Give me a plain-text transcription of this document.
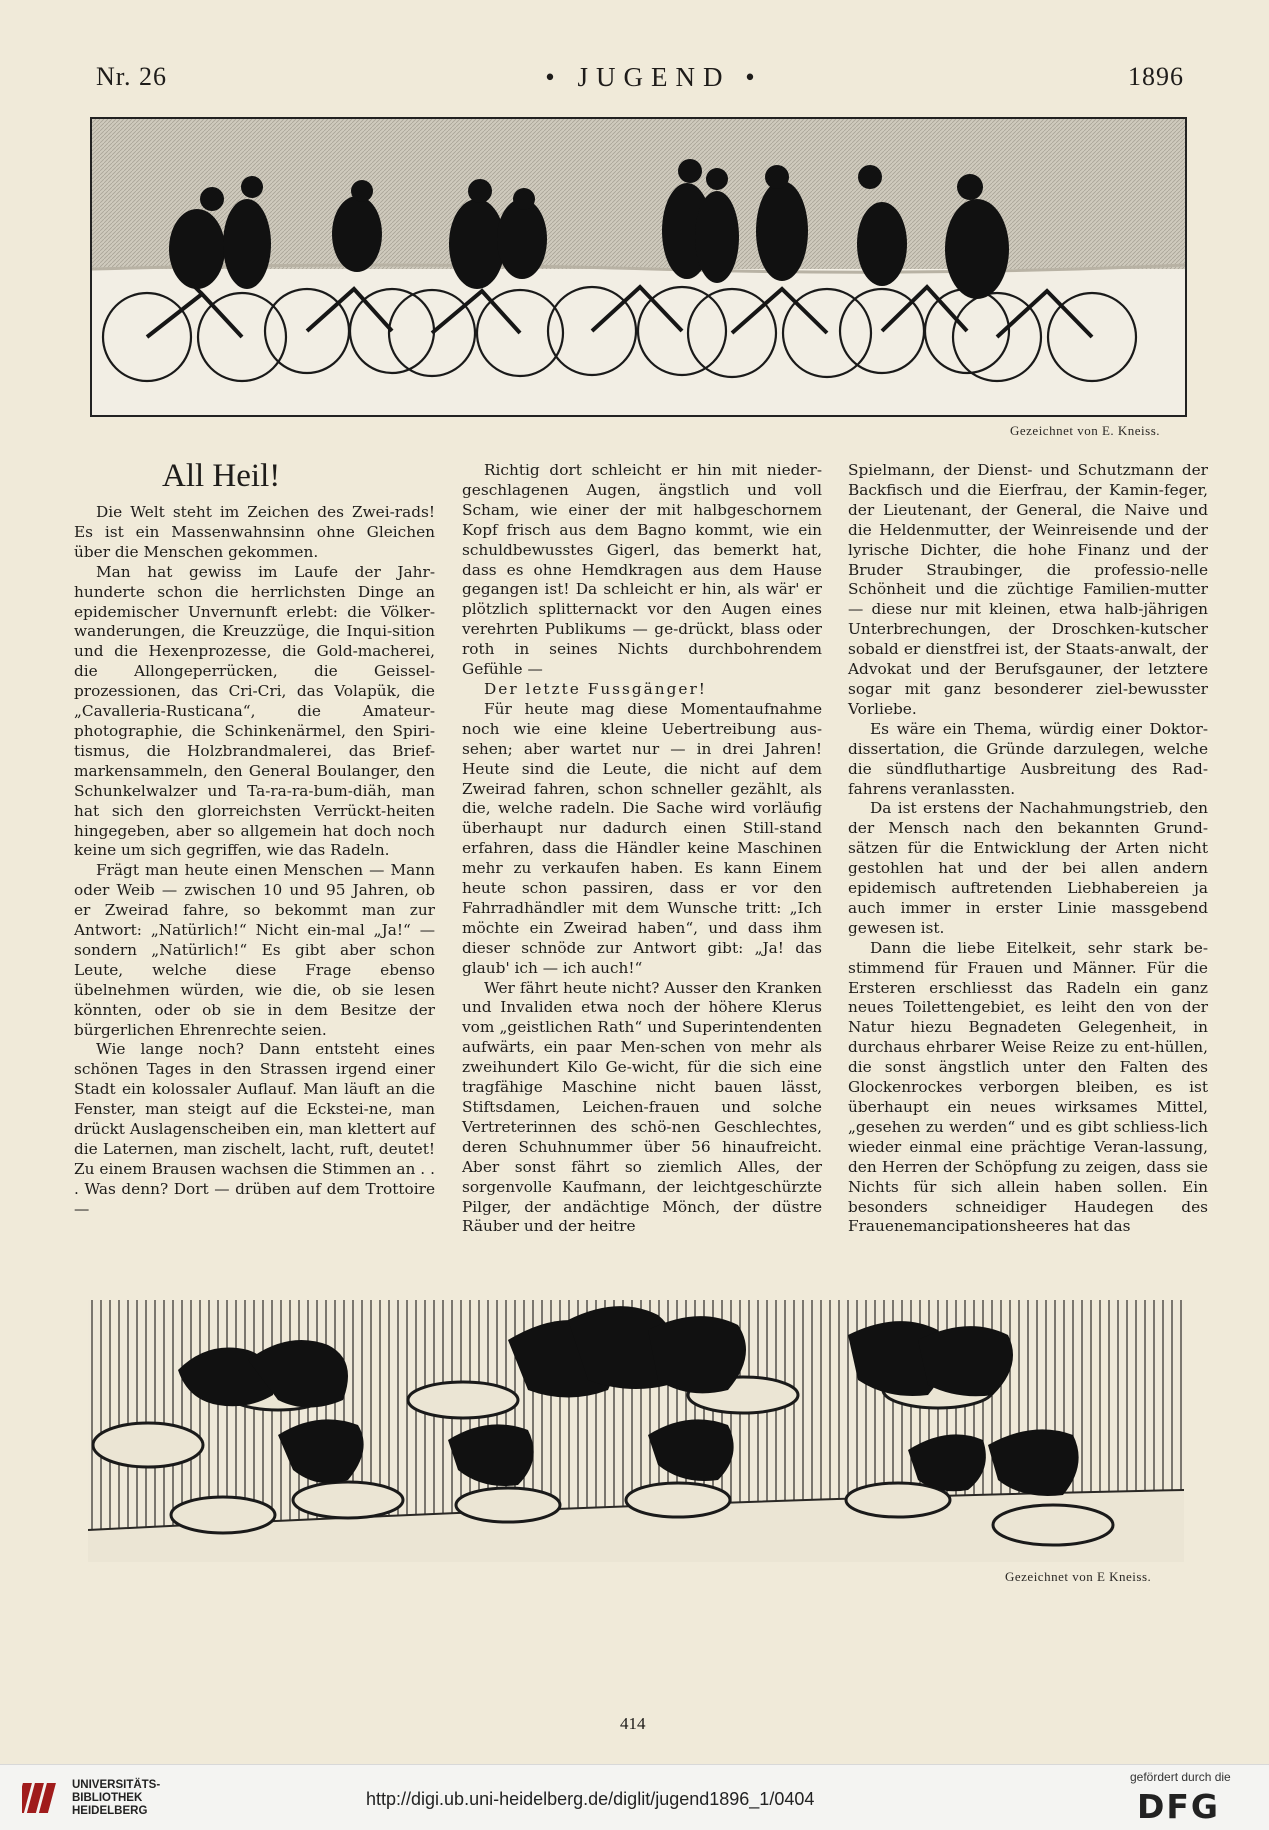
Nr. 26	• JUGEND •	1896
Gezeichnet von E. Kneiss.
All Heil!

Die Welt steht im Zeichen des Zwei-rads! Es ist ein Massenwahnsinn ohne Gleichen über die Menschen gekommen.

Man hat gewiss im Laufe der Jahr-hunderte schon die herrlichsten Dinge an epidemischer Unvernunft erlebt: die Völker-wanderungen, die Kreuzzüge, die Inqui-sition und die Hexenprozesse, die Gold-macherei, die Allongeperrücken, die Geissel-prozessionen, das Cri-Cri, das Volapük, die „Cavalleria-Rusticana“, die Amateur-photographie, die Schinkenärmel, den Spiri-tismus, die Holzbrandmalerei, das Brief-markensammeln, den General Boulanger, den Schunkelwalzer und Ta-ra-ra-bum-diäh, man hat sich den glorreichsten Verrückt-heiten hingegeben, aber so allgemein hat doch noch keine um sich gegriffen, wie das Radeln.

Frägt man heute einen Menschen — Mann oder Weib — zwischen 10 und 95 Jahren, ob er Zweirad fahre, so bekommt man zur Antwort: „Natürlich!“ Nicht ein-mal „Ja!“ — sondern „Natürlich!“ Es gibt aber schon Leute, welche diese Frage ebenso übelnehmen würden, wie die, ob sie lesen könnten, oder ob sie in dem Besitze der bürgerlichen Ehrenrechte seien.

Wie lange noch? Dann entsteht eines schönen Tages in den Strassen irgend einer Stadt ein kolossaler Auflauf. Man läuft an die Fenster, man steigt auf die Eckstei-ne, man drückt Auslagenscheiben ein, man klettert auf die Laternen, man zischelt, lacht, ruft, deutet! Zu einem Brausen wachsen die Stimmen an . . . Was denn? Dort — drüben auf dem Trottoire —

Richtig dort schleicht er hin mit nieder-geschlagenen Augen, ängstlich und voll Scham, wie einer der mit halbgeschornem Kopf frisch aus dem Bagno kommt, wie ein schuldbewusstes Gigerl, das bemerkt hat, dass es ohne Hemdkragen aus dem Hause gegangen ist! Da schleicht er hin, als wär' er plötzlich splitternackt vor den Augen eines verehrten Publikums — ge-drückt, blass oder roth in seines Nichts durchbohrendem Gefühle —

Der letzte Fussgänger!

Für heute mag diese Momentaufnahme noch wie eine kleine Uebertreibung aus-sehen; aber wartet nur — in drei Jahren! Heute sind die Leute, die nicht auf dem Zweirad fahren, schon schneller gezählt, als die, welche radeln. Die Sache wird vorläufig überhaupt nur dadurch einen Still-stand erfahren, dass die Händler keine Maschinen mehr zu verkaufen haben. Es kann Einem heute schon passiren, dass er vor den Fahrradhändler mit dem Wunsche tritt: „Ich möchte ein Zweirad haben“, und dass ihm dieser schnöde zur Antwort gibt: „Ja! das glaub' ich — ich auch!“

Wer fährt heute nicht? Ausser den Kranken und Invaliden etwa noch der höhere Klerus vom „geistlichen Rath“ und Superintendenten aufwärts, ein paar Men-schen von mehr als zweihundert Kilo Ge-wicht, für die sich eine tragfähige Maschine nicht bauen lässt, Stiftsdamen, Leichen-frauen und solche Vertreterinnen des schö-nen Geschlechtes, deren Schuhnummer über 56 hinaufreicht. Aber sonst fährt so ziemlich Alles, der sorgenvolle Kaufmann, der leichtgeschürzte Pilger, der andächtige Mönch, der düstre Räuber und der heitre

Spielmann, der Dienst- und Schutzmann der Backfisch und die Eierfrau, der Kamin-feger, der Lieutenant, der General, die Naive und die Heldenmutter, der Weinreisende und der lyrische Dichter, die hohe Finanz und der Bruder Straubinger, die professio-nelle Schönheit und die züchtige Familien-mutter — diese nur mit kleinen, etwa halb-jährigen Unterbrechungen, der Droschken-kutscher sobald er dienstfrei ist, der Staats-anwalt, der Advokat und der Berufsgauner, der letztere sogar mit ganz besonderer ziel-bewusster Vorliebe.

Es wäre ein Thema, würdig einer Doktor-dissertation, die Gründe darzulegen, welche die sündfluthartige Ausbreitung des Rad-fahrens veranlassten.

Da ist erstens der Nachahmungstrieb, den der Mensch nach den bekannten Grund-sätzen für die Entwicklung der Arten nicht gestohlen hat und der bei allen andern epidemisch auftretenden Liebhabereien ja auch immer in erster Linie massgebend gewesen ist.

Dann die liebe Eitelkeit, sehr stark be-stimmend für Frauen und Männer. Für die Ersteren erschliesst das Radeln ein ganz neues Toilettengebiet, es leiht den von der Natur hiezu Begnadeten Gelegenheit, in durchaus ehrbarer Weise Reize zu ent-hüllen, die sonst ängstlich unter den Falten des Glockenrockes verborgen bleiben, es ist überhaupt ein neues wirksames Mittel, „gesehen zu werden“ und es gibt schliess-lich wieder einmal eine prächtige Veran-lassung, den Herren der Schöpfung zu zeigen, dass sie Nichts für sich allein haben sollen. Ein besonders schneidiger Haudegen des Frauenemancipationsheeres hat das

Gezeichnet von E Kneiss.
414
UNIVERSITÄTS-
BIBLIOTHEK
HEIDELBERG
http://digi.ub.uni-heidelberg.de/diglit/jugend1896_1/0404
gefördert durch die
DFG
